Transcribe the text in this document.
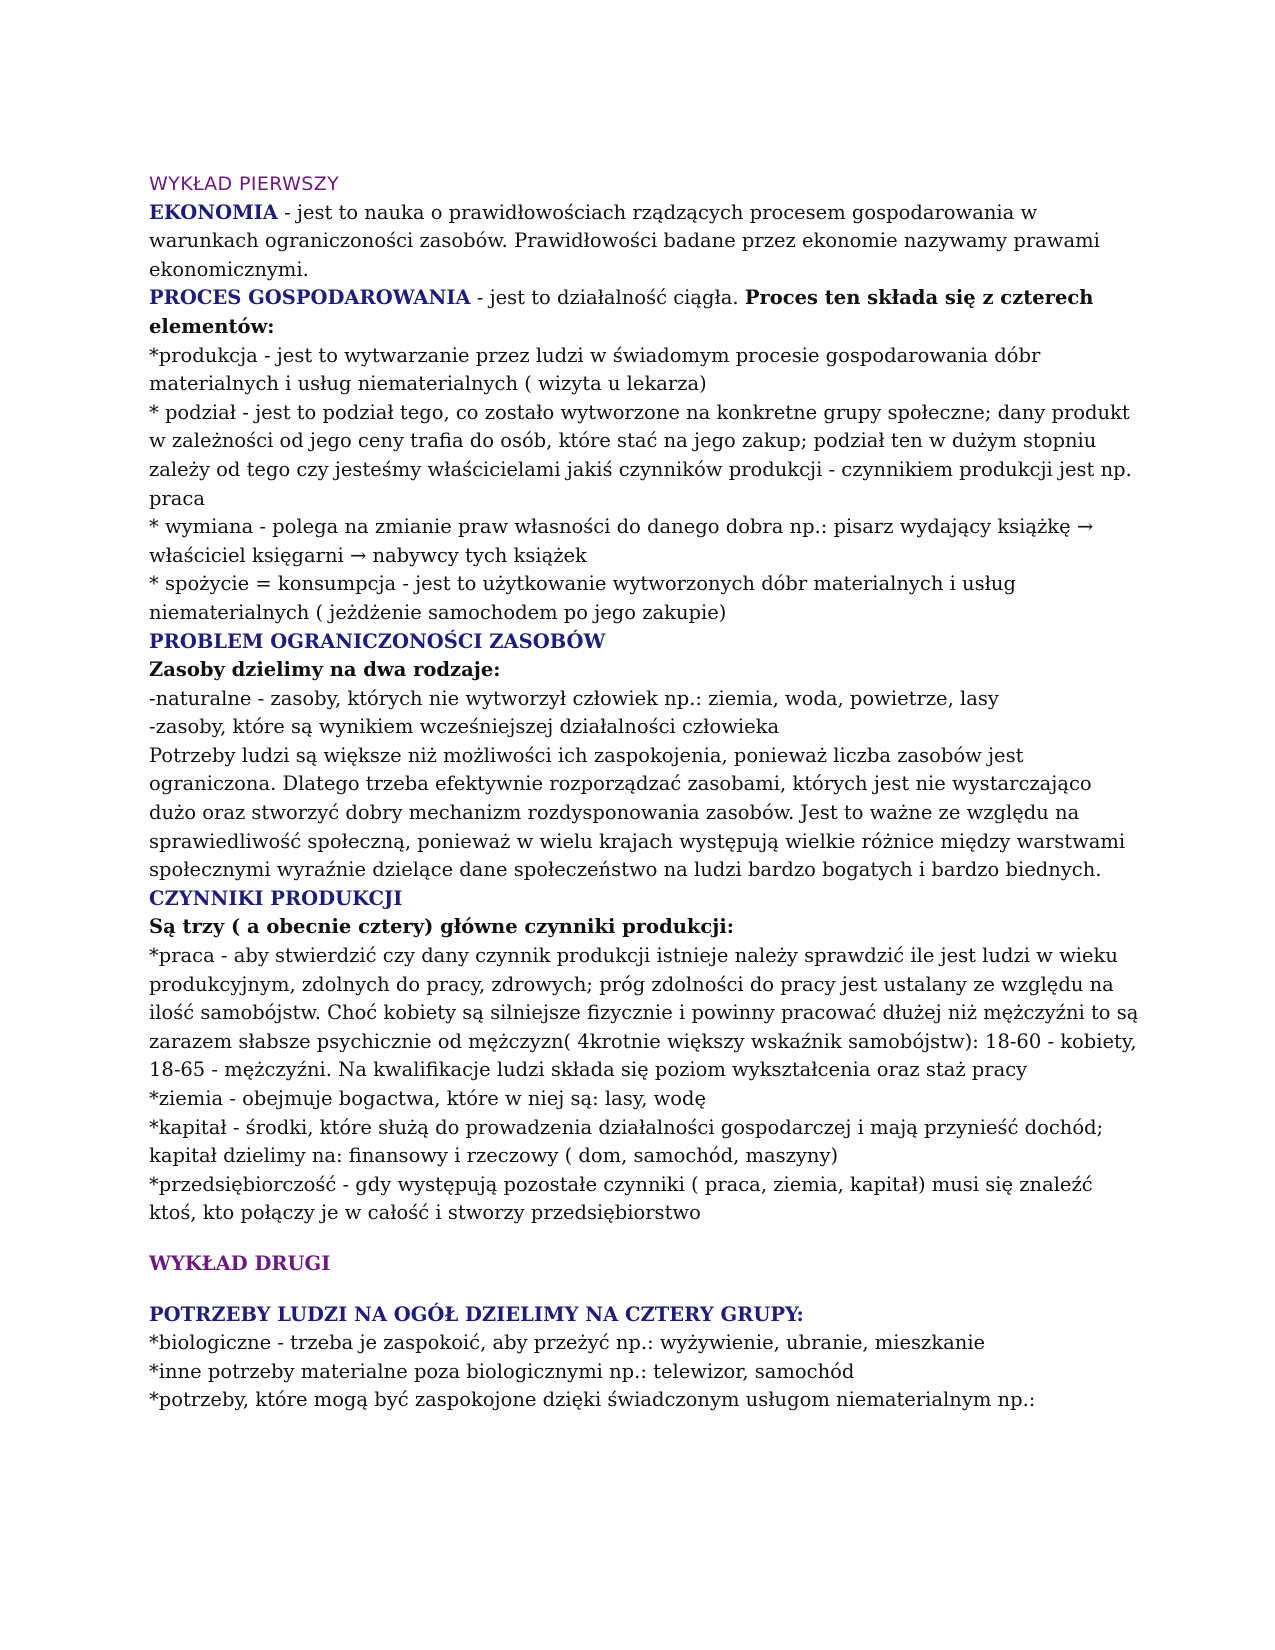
WYKŁAD PIERWSZY

EKONOMIA - jest to nauka o prawidłowościach rządzących procesem gospodarowania w warunkach ograniczoności zasobów. Prawidłowości badane przez ekonomie nazywamy prawami ekonomicznymi.

PROCES GOSPODAROWANIA - jest to działalność ciągła. Proces ten składa się z czterech elementów:

*produkcja - jest to wytwarzanie przez ludzi w świadomym procesie gospodarowania dóbr materialnych i usług niematerialnych ( wizyta u lekarza)

* podział - jest to podział tego, co zostało wytworzone na konkretne grupy społeczne; dany produkt w zależności od jego ceny trafia do osób, które stać na jego zakup; podział ten w dużym stopniu zależy od tego czy jesteśmy właścicielami jakiś czynników produkcji - czynnikiem produkcji jest np. praca

* wymiana - polega na zmianie praw własności do danego dobra np.: pisarz wydający książkę → właściciel księgarni → nabywcy tych książek

* spożycie = konsumpcja - jest to użytkowanie wytworzonych dóbr materialnych i usług niematerialnych ( jeżdżenie samochodem po jego zakupie)

PROBLEM OGRANICZONOŚCI ZASOBÓW

Zasoby dzielimy na dwa rodzaje:

-naturalne - zasoby, których nie wytworzył człowiek np.: ziemia, woda, powietrze, lasy

-zasoby, które są wynikiem wcześniejszej działalności człowieka

Potrzeby ludzi są większe niż możliwości ich zaspokojenia, ponieważ liczba zasobów jest ograniczona. Dlatego trzeba efektywnie rozporządzać zasobami, których jest nie wystarczająco dużo oraz stworzyć dobry mechanizm rozdysponowania zasobów. Jest to ważne ze względu na sprawiedliwość społeczną, ponieważ w wielu krajach występują wielkie różnice między warstwami społecznymi wyraźnie dzielące dane społeczeństwo na ludzi bardzo bogatych i bardzo biednych.

CZYNNIKI PRODUKCJI

Są trzy ( a obecnie cztery) główne czynniki produkcji:

*praca - aby stwierdzić czy dany czynnik produkcji istnieje należy sprawdzić ile jest ludzi w wieku produkcyjnym, zdolnych do pracy, zdrowych; próg zdolności do pracy jest ustalany ze względu na ilość samobójstw. Choć kobiety są silniejsze fizycznie i powinny pracować dłużej niż mężczyźni to są zarazem słabsze psychicznie od mężczyzn( 4krotnie większy wskaźnik samobójstw): 18-60 - kobiety, 18-65 - mężczyźni. Na kwalifikacje ludzi składa się poziom wykształcenia oraz staż pracy

*ziemia - obejmuje bogactwa, które w niej są: lasy, wodę

*kapitał - środki, które służą do prowadzenia działalności gospodarczej i mają przynieść dochód; kapitał dzielimy na: finansowy i rzeczowy ( dom, samochód, maszyny)

*przedsiębiorczość - gdy występują pozostałe czynniki ( praca, ziemia, kapitał) musi się znaleźć ktoś, kto połączy je w całość i stworzy przedsiębiorstwo

WYKŁAD DRUGI

POTRZEBY LUDZI NA OGÓŁ DZIELIMY NA CZTERY GRUPY:

*biologiczne - trzeba je zaspokoić, aby przeżyć np.: wyżywienie, ubranie, mieszkanie

*inne potrzeby materialne poza biologicznymi np.: telewizor, samochód

*potrzeby, które mogą być zaspokojone dzięki świadczonym usługom niematerialnym np.:
